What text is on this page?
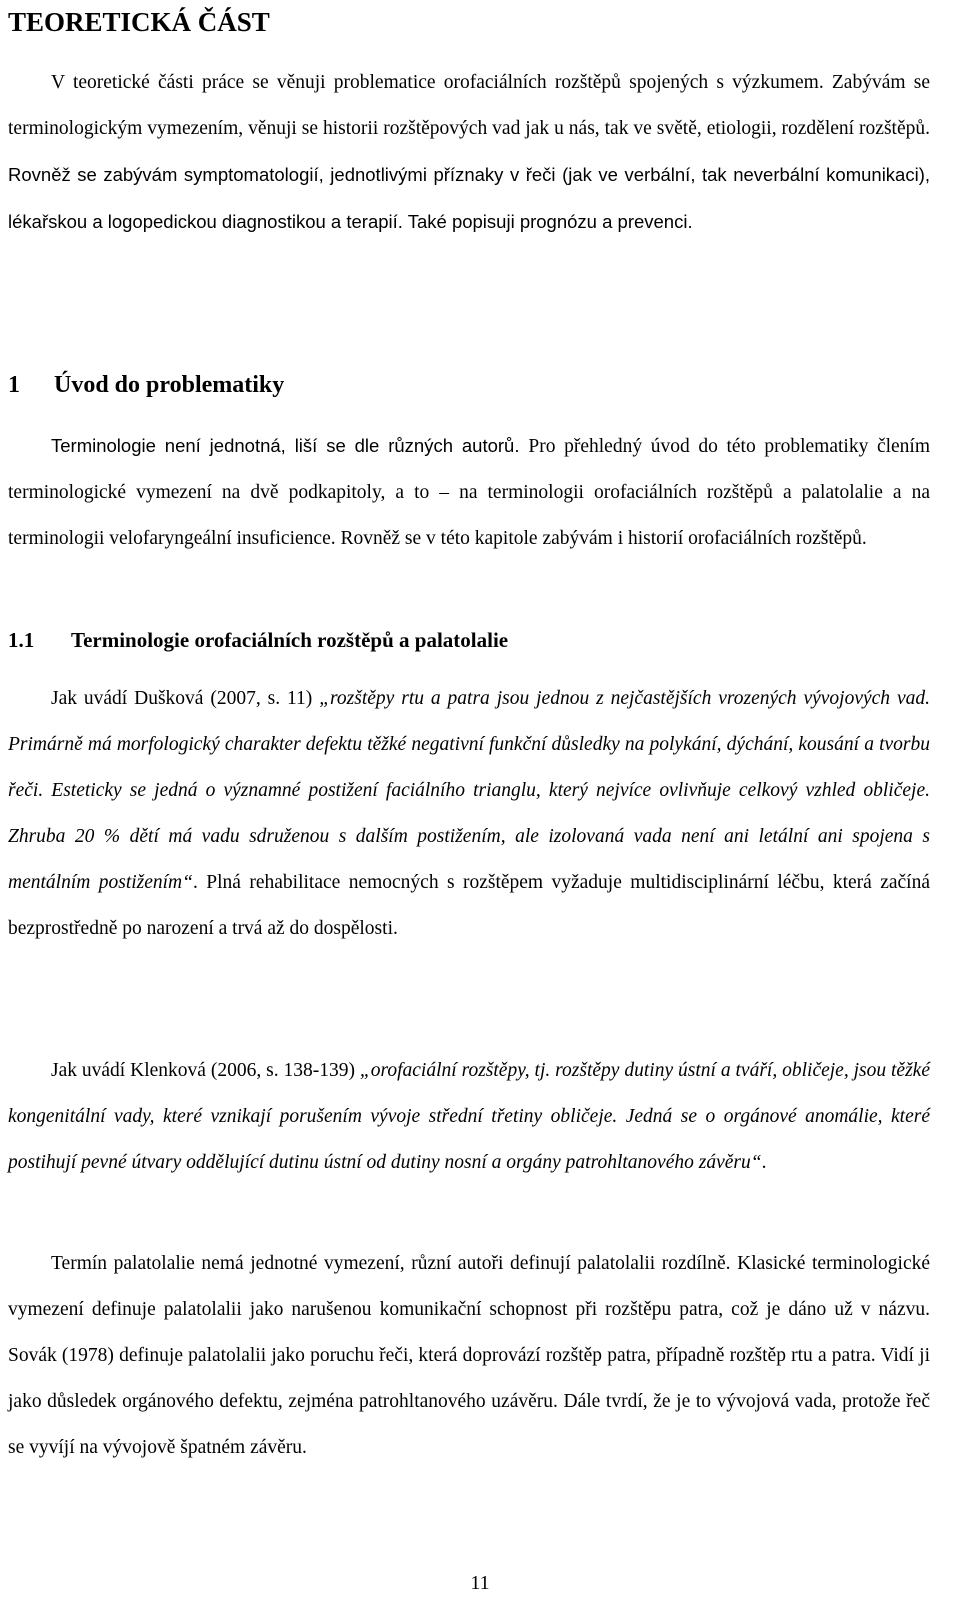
TEORETICKÁ ČÁST

V teoretické části práce se věnuji problematice orofaciálních rozštěpů spojených s výzkumem. Zabývám se terminologickým vymezením, věnuji se historii rozštěpových vad jak u nás, tak ve světě, etiologii, rozdělení rozštěpů. Rovněž se zabývám symptomatologií, jednotlivými příznaky v řeči (jak ve verbální, tak neverbální komunikaci), lékařskou a logopedickou diagnostikou a terapií. Také popisuji prognózu a prevenci.

1 Úvod do problematiky

Terminologie není jednotná, liší se dle různých autorů. Pro přehledný úvod do této problematiky člením terminologické vymezení na dvě podkapitoly, a to – na terminologii orofaciálních rozštěpů a palatolalie a na terminologii velofaryngeální insuficience. Rovněž se v této kapitole zabývám i historií orofaciálních rozštěpů.

1.1 Terminologie orofaciálních rozštěpů a palatolalie

Jak uvádí Dušková (2007, s. 11) „rozštěpy rtu a patra jsou jednou z nejčastějších vrozených vývojových vad. Primárně má morfologický charakter defektu těžké negativní funkční důsledky na polykání, dýchání, kousání a tvorbu řeči. Esteticky se jedná o významné postižení faciálního trianglu, který nejvíce ovlivňuje celkový vzhled obličeje. Zhruba 20 % dětí má vadu sdruženou s dalším postižením, ale izolovaná vada není ani letální ani spojena s mentálním postižením“. Plná rehabilitace nemocných s rozštěpem vyžaduje multidisciplinární léčbu, která začíná bezprostředně po narození a trvá až do dospělosti.

Jak uvádí Klenková (2006, s. 138-139) „orofaciální rozštěpy, tj. rozštěpy dutiny ústní a tváří, obličeje, jsou těžké kongenitální vady, které vznikají porušením vývoje střední třetiny obličeje. Jedná se o orgánové anomálie, které postihují pevné útvary oddělující dutinu ústní od dutiny nosní a orgány patrohltanového závěru“.

Termín palatolalie nemá jednotné vymezení, různí autoři definují palatolalii rozdílně. Klasické terminologické vymezení definuje palatolalii jako narušenou komunikační schopnost při rozštěpu patra, což je dáno už v názvu. Sovák (1978) definuje palatolalii jako poruchu řeči, která doprovází rozštěp patra, případně rozštěp rtu a patra. Vidí ji jako důsledek orgánového defektu, zejména patrohltanového uzávěru. Dále tvrdí, že je to vývojová vada, protože řeč se vyvíjí na vývojově špatném závěru.

11
